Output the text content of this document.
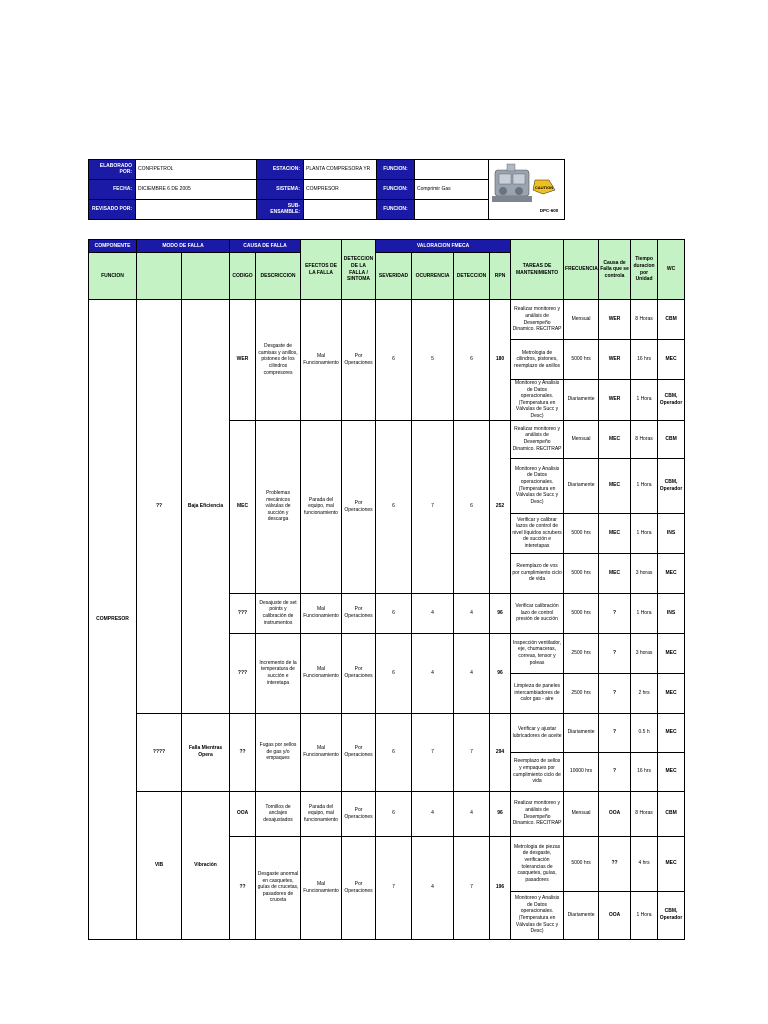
ELABORADO POR:	CONFIPETROL	ESTACION:	PLANTA COMPRESORA YR	FUNCION:		CAUTION
DPC-600

FECHA:	DICIEMBRE 6 DE 2005	SISTEMA:	COMPRESOR	FUNCION:	Comprimir Gas	
REVISADO POR:		SUB-ENSAMBLE:		FUNCION:		
COMPONENTE	MODO DE FALLA		CAUSA DE FALLA		EFECTOS DE LA FALLA	DETECCION DE LA FALLA / SINTOMA	VALORACION FMECA				TAREAS DE MANTENIMIENTO	FRECUENCIA	Causa de Falla que se controla	Tiempo duracion por Unidad	WC
FUNCION			CODIGO	DESCRICCION			SEVERIDAD	OCURRENCIA	DETECCION	RPN					
COMPRESOR	??	Baja Eficiencia	WER	Desgaste de camisas y anillos, pistones de los cilindros compresores	Mal Funcionamiento	Por Operaciones	6	5	6	180	Realizar monitoreo y análisis de Desempeño Dinamico. RECITRAP	Mensual	WER	8 Horas	CBM
											Metrologia de cilindros, pistones, reemplazo de anillos	5000 hrs	WER	16 hrs	MEC
											Monitoreo y Analisis de Datos operacionales. (Temperatura en Válvulas de Succ y Desc)	Diariamente	WER	1 Hora	CBM, Operador
			MEC	Problemas mecánicos válvulas de succión y descarga	Parada del equipo, mal funcionamiento	Por Operaciones	6	7	6	252	Realizar monitoreo y análisis de Desempeño Dinamico. RECITRAP	Mensual	MEC	8 Horas	CBM
											Monitoreo y Analisis de Datos operacionales. (Temperatura en Válvulas de Succ y Desc)	Diariamente	MEC	1 Hora	CBM, Operador
											Verificar y calibrar lazos de control de nivel líquidos scrubers de succión e interetapas	5000 hrs	MEC	1 Hora	INS
											Reemplazo de vos por cumplimiento ciclo de vida	5000 hrs	MEC	3 horas	MEC
			???	Desajuste de set points y calibración de instrumentos	Mal Funcionamiento	Por Operaciones	6	4	4	96	Verificar calibración lazo de control presión de succión	5000 hrs	?	1 Hora	INS
			???	Incremento de la temperatura de succión e interetapa	Mal Funcionamiento	Por Operaciones	6	4	4	96	Inspección ventilador, eje, chumaceras, correas, tensor y poleas	2500 hrs	?	3 horas	MEC
											Limpieza de paneles intercambiadores de calor gas - aire	2500 hrs	?	2 hrs	MEC
	????	Falla Mientras Opera	??	Fugas por sellos de gas y/o empaques	Mal Funcionamiento	Por Operaciones	6	7	7	294	Verificar y ajustar lubricadores de aceite	Diariamente	?	0.5 h	MEC
											Reemplazo de sellos y empaques por cumplimiento ciclo de vida	10000 hrs	?	16 hrs	MEC
	VIB	Vibración	OOA	Tornillos de anclajes desajustados	Parada del equipo, mal funcionamiento	Por Operaciones	6	4	4	96	Realizar monitoreo y análisis de Desempeño Dinamico. RECITRAP	Mensual	OOA	8 Horas	CBM
			??	Desgaste anormal en casquetes, guías de crucetas, pasadores de cruceta	Mal Funcionamiento	Por Operaciones	7	4	7	196	Metrologia de piezas de desgaste, verificación tolerancias de casquetes, guías, pasadores	5000 hrs	??	4 hrs	MEC
											Monitoreo y Analisis de Datos operacionales. (Temperatura en Válvulas de Succ y Desc)	Diariamente	OOA	1 Hora	CBM, Operador
